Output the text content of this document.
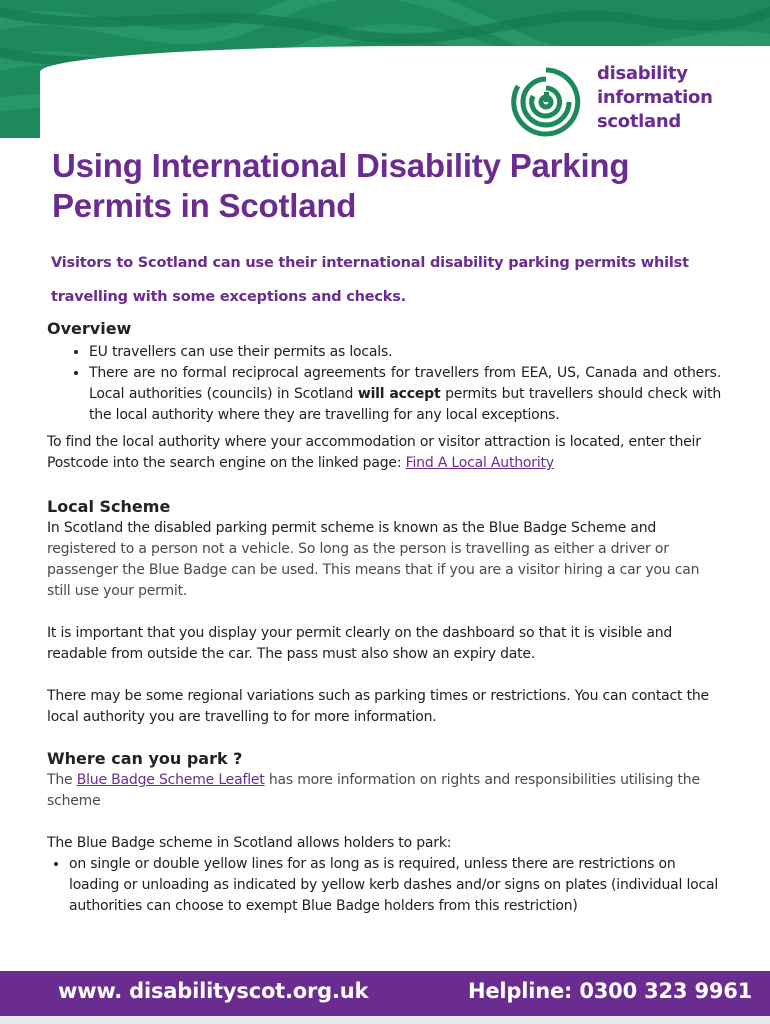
disability
information
scotland
Using International Disability Parking Permits in Scotland

Visitors to Scotland can use their international disability parking permits whilst travelling with some exceptions and checks.

Overview
• EU travellers can use their permits as locals.
• There are no formal reciprocal agreements for travellers from EEA, US, Canada and others. Local authorities (councils) in Scotland will accept permits but travellers should check with the local authority where they are travelling for any local exceptions.

To find the local authority where your accommodation or visitor attraction is located, enter their Postcode into the search engine on the linked page: Find A Local Authority

Local Scheme

In Scotland the disabled parking permit scheme is known as the Blue Badge Scheme and registered to a person not a vehicle. So long as the person is travelling as either a driver or passenger the Blue Badge can be used. This means that if you are a visitor hiring a car you can still use your permit.

It is important that you display your permit clearly on the dashboard so that it is visible and readable from outside the car. The pass must also show an expiry date.

There may be some regional variations such as parking times or restrictions. You can contact the local authority you are travelling to for more information.

Where can you park ?

The Blue Badge Scheme Leaflet has more information on rights and responsibilities utilising the scheme

The Blue Badge scheme in Scotland allows holders to park:

• on single or double yellow lines for as long as is required, unless there are restrictions on loading or unloading as indicated by yellow kerb dashes and/or signs on plates (individual local authorities can choose to exempt Blue Badge holders from this restriction)
www. disabilityscot.org.uk	Helpline: 0300 323 9961
